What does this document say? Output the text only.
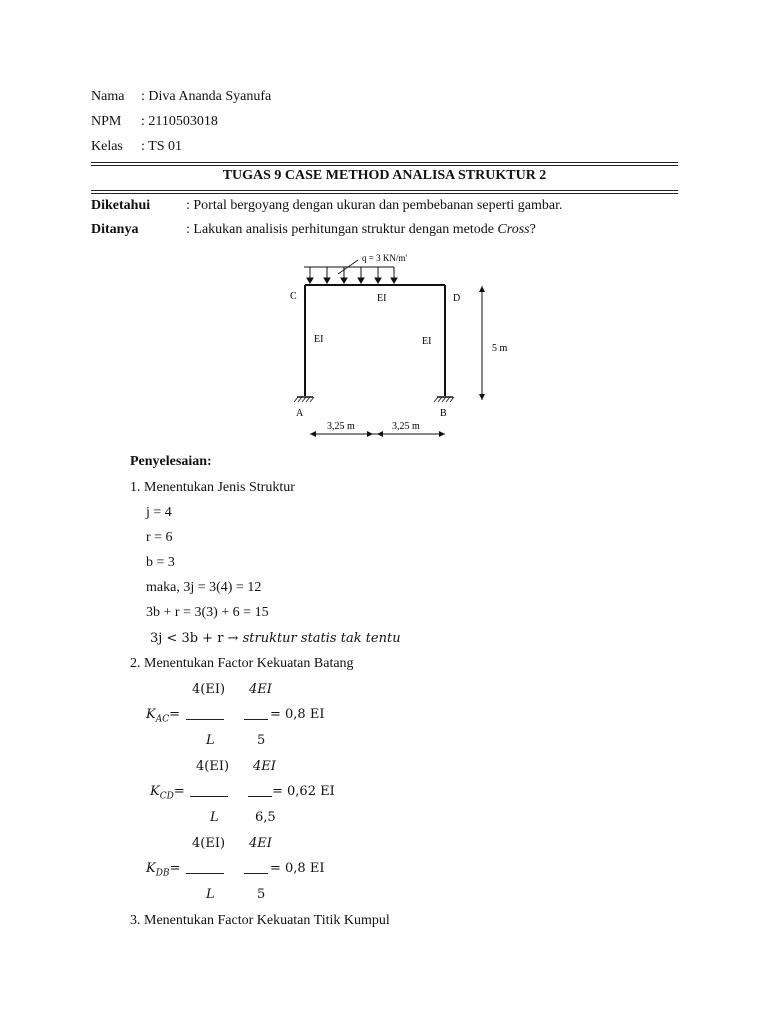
Nama : Diva Ananda Syanufa
NPM : 2110503018
Kelas : TS 01
TUGAS 9 CASE METHOD ANALISA STRUKTUR 2
Diketahui	: Portal bergoyang dengan ukuran dan pembebanan seperti gambar.
Ditanya	: Lakukan analisis perhitungan struktur dengan metode Cross?
q = 3 KN/m'
C	D
EI
EI	EI
A	B
5 m
3,25 m	3,25 m
Penyelesaian:
1. Menentukan Jenis Struktur
j = 4
r = 6
b = 3
maka, 3j = 3(4) = 12
3b + r = 3(3) + 6 = 15
3j < 3b + r → struktur statis tak tentu
2. Menentukan Factor Kekuatan Batang
4(EI) 4EI
$K_{AC}=$	= 0,8 EI
L	5
4(EI) 4EI
$K_{CD}=$	= 0,62 EI
L	6,5
4(EI) 4EI
$K_{DB}=$	= 0,8 EI
L	5
3. Menentukan Factor Kekuatan Titik Kumpul
